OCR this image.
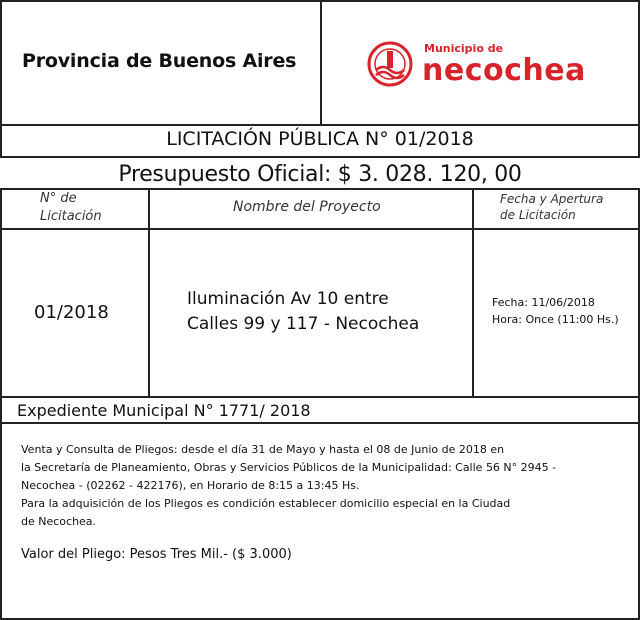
Provincia de Buenos Aires
Municipio de
necochea
LICITACIÓN PÚBLICA N° 01/2018
Presupuesto Oficial: $ 3. 028. 120, 00
N° de
Licitación
Nombre del Proyecto	Fecha y Apertura
de Licitación
01/2018
Iluminación Av 10 entre
Calles 99 y 117 - Necochea
Fecha: 11/06/2018
Hora: Once (11:00 Hs.)
Expediente Municipal N° 1771/ 2018
Venta y Consulta de Pliegos: desde el día 31 de Mayo y hasta el 08 de Junio de 2018 en
la Secretaría de Planeamiento, Obras y Servicios Públicos de la Municipalidad: Calle 56 N° 2945 -
Necochea - (02262 - 422176), en Horario de 8:15 a 13:45 Hs.
Para la adquisición de los Pliegos es condición establecer domicilio especial en la Ciudad
de Necochea.
Valor del Pliego: Pesos Tres Mil.- ($ 3.000)
